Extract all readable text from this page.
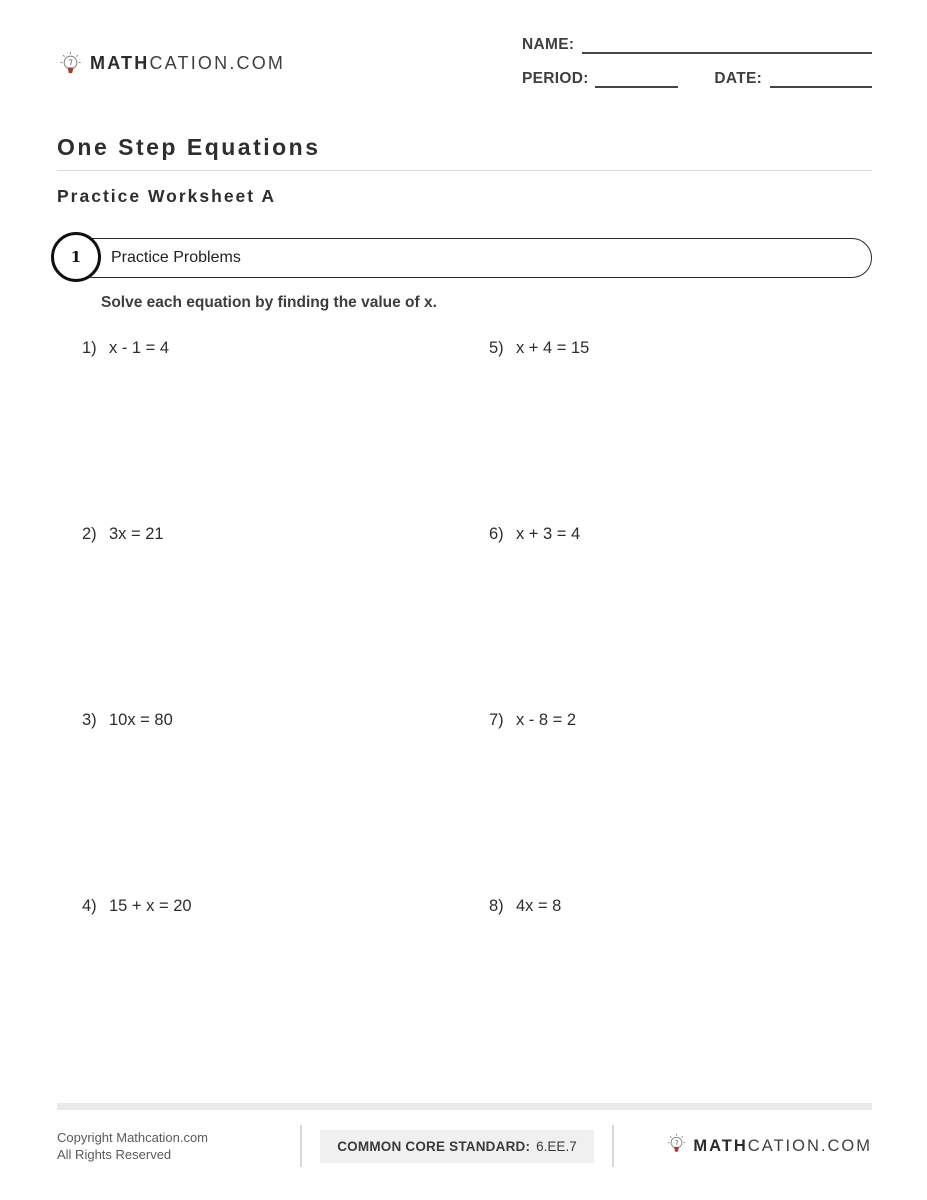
MATHCATION.COM
NAME:
PERIOD:	DATE:
One Step Equations
Practice Worksheet A
Practice Problems
1
Solve each equation by finding the value of x.
1) x - 1 = 4
2) 3x = 21
3) 10x = 80
4) 15 + x = 20
5) x + 4 = 15
6) x + 3 = 4
7) x - 8 = 2
8) 4x = 8
Copyright Mathcation.com
All Rights Reserved
COMMON CORE STANDARD: 6.EE.7	MATHCATION.COM
